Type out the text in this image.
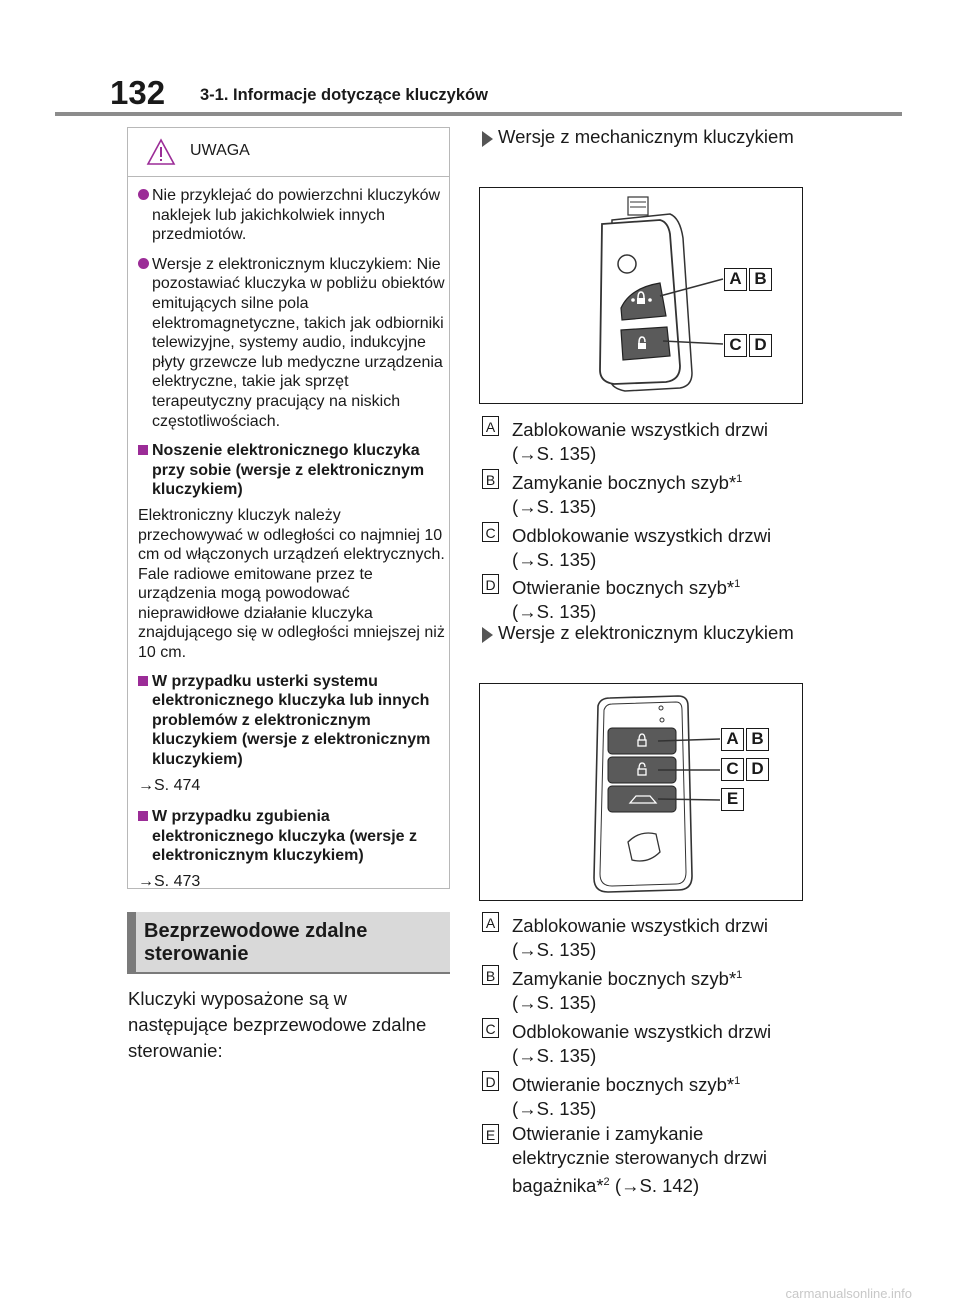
132 3-1. Informacje dotyczące kluczyków
UWAGA
Nie przyklejać do powierzchni kluczyków naklejek lub jakichkolwiek innych przedmiotów.
Wersje z elektronicznym kluczykiem: Nie pozostawiać kluczyka w pobliżu obiektów emitujących silne pola elektromagnetyczne, takich jak odbiorniki telewizyjne, systemy audio, indukcyjne płyty grzewcze lub medyczne urządzenia elektryczne, takie jak sprzęt terapeutyczny pracujący na niskich częstotliwościach.
Noszenie elektronicznego kluczyka przy sobie (wersje z elektronicznym kluczykiem)
Elektroniczny kluczyk należy przechowywać w odległości co najmniej 10 cm od włączonych urządzeń elektrycznych. Fale radiowe emitowane przez te urządzenia mogą powodować nieprawidłowe działanie kluczyka znajdującego się w odległości mniejszej niż 10 cm.
W przypadku usterki systemu elektronicznego kluczyka lub innych problemów z elektronicznym kluczykiem (wersje z elektronicznym kluczykiem)
→S. 474
W przypadku zgubienia elektronicznego kluczyka (wersje z elektronicznym kluczykiem)
→S. 473
Bezprzewodowe zdalne sterowanie
Kluczyki wyposażone są w następujące bezprzewodowe zdalne sterowanie:
Wersje z mechanicznym kluczykiem
A B
C D
A Zablokowanie wszystkich drzwi
(→S. 135)
B Zamykanie bocznych szyb*$^1$
(→S. 135)
C Odblokowanie wszystkich drzwi
(→S. 135)
D Otwieranie bocznych szyb*$^1$
(→S. 135)
Wersje z elektronicznym kluczykiem
A B
C D
E
A Zablokowanie wszystkich drzwi
(→S. 135)
B Zamykanie bocznych szyb*$^1$
(→S. 135)
C Odblokowanie wszystkich drzwi
(→S. 135)
D Otwieranie bocznych szyb*$^1$
(→S. 135)
E Otwieranie i zamykanie elektrycznie sterowanych drzwi bagażnika*$^2$ (→S. 142)
carmanualsonline.info
